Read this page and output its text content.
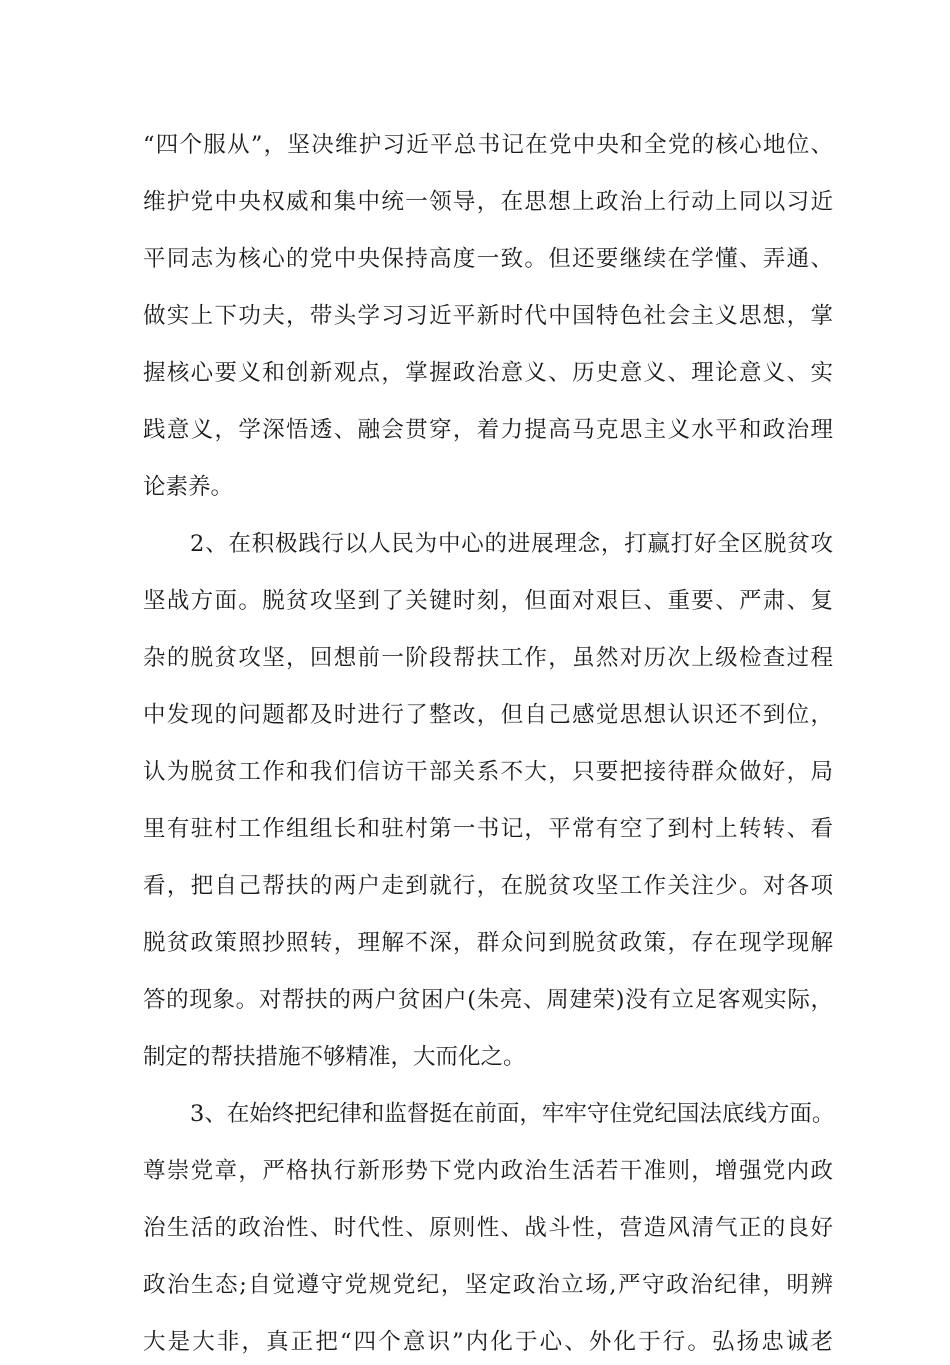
“四个服从”，坚决维护习近平总书记在党中央和全党的核心地位、
维护党中央权威和集中统一领导，在思想上政治上行动上同以习近
平同志为核心的党中央保持高度一致。但还要继续在学懂、弄通、
做实上下功夫，带头学习习近平新时代中国特色社会主义思想，掌
握核心要义和创新观点，掌握政治意义、历史意义、理论意义、实
践意义，学深悟透、融会贯穿，着力提高马克思主义水平和政治理
论素养。
2、在积极践行以人民为中心的进展理念，打赢打好全区脱贫攻
坚战方面。脱贫攻坚到了关键时刻，但面对艰巨、重要、严肃、复
杂的脱贫攻坚，回想前一阶段帮扶工作，虽然对历次上级检查过程
中发现的问题都及时进行了整改，但自己感觉思想认识还不到位，
认为脱贫工作和我们信访干部关系不大，只要把接待群众做好，局
里有驻村工作组组长和驻村第一书记，平常有空了到村上转转、看
看，把自己帮扶的两户走到就行，在脱贫攻坚工作关注少。对各项
脱贫政策照抄照转，理解不深，群众问到脱贫政策，存在现学现解
答的现象。对帮扶的两户贫困户(朱亮、周建荣)没有立足客观实际，
制定的帮扶措施不够精准，大而化之。
3、在始终把纪律和监督挺在前面，牢牢守住党纪国法底线方面。
尊崇党章，严格执行新形势下党内政治生活若干准则，增强党内政
治生活的政治性、时代性、原则性、战斗性，营造风清气正的良好
政治生态;自觉遵守党规党纪，坚定政治立场,严守政治纪律，明辨
大是大非，真正把“四个意识”内化于心、外化于行。弘扬忠诚老
